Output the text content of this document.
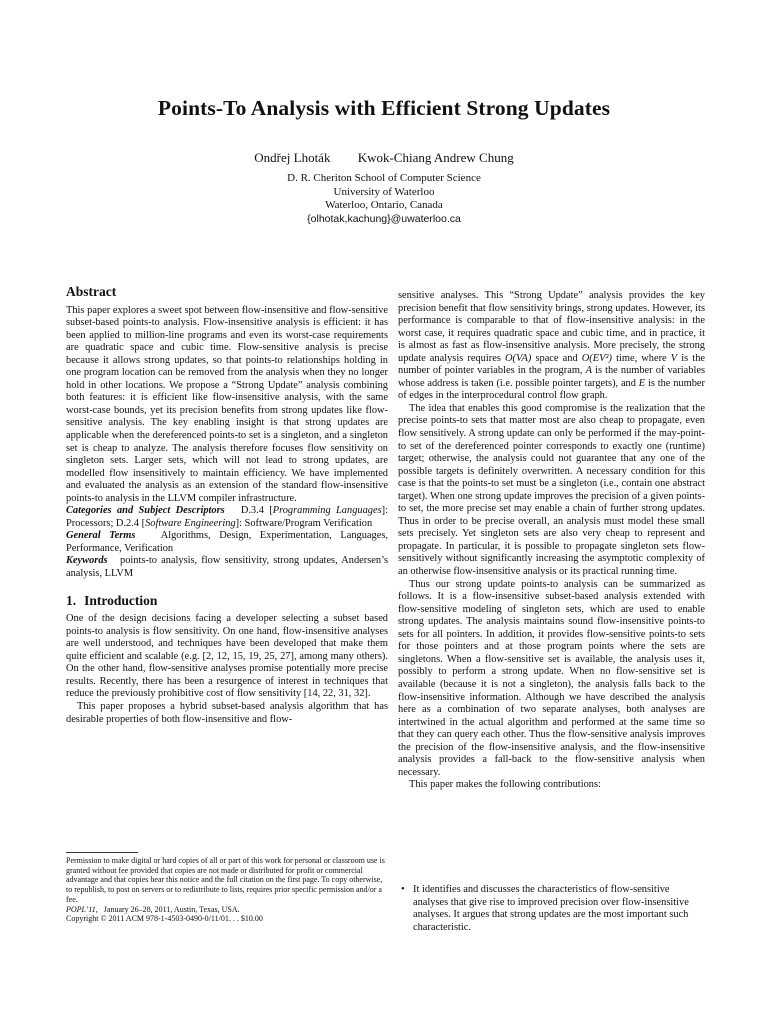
Points-To Analysis with Efficient Strong Updates
Ondřej Lhoták Kwok-Chiang Andrew Chung
D. R. Cheriton School of Computer Science
University of Waterloo
Waterloo, Ontario, Canada
{olhotak,kachung}@uwaterloo.ca
Abstract

This paper explores a sweet spot between flow-insensitive and flow-sensitive subset-based points-to analysis. Flow-insensitive analysis is efficient: it has been applied to million-line programs and even its worst-case requirements are quadratic space and cubic time. Flow-sensitive analysis is precise because it allows strong updates, so that points-to relationships holding in one program location can be removed from the analysis when they no longer hold in other locations. We propose a “Strong Update” analysis combining both features: it is efficient like flow-insensitive analysis, with the same worst-case bounds, yet its precision benefits from strong updates like flow-sensitive analysis. The key enabling insight is that strong updates are applicable when the dereferenced points-to set is a singleton, and a singleton set is cheap to analyze. The analysis therefore focuses flow sensitivity on singleton sets. Larger sets, which will not lead to strong updates, are modelled flow insensitively to maintain efficiency. We have implemented and evaluated the analysis as an extension of the standard flow-insensitive points-to analysis in the LLVM compiler infrastructure.

Categories and Subject Descriptors D.3.4 [Programming Languages]: Processors; D.2.4 [Software Engineering]: Software/Program Verification

General Terms Algorithms, Design, Experimentation, Languages, Performance, Verification

Keywords points-to analysis, flow sensitivity, strong updates, Andersen’s analysis, LLVM

1. Introduction

One of the design decisions facing a developer selecting a subset based points-to analysis is flow sensitivity. On one hand, flow-insensitive analyses are well understood, and techniques have been developed that make them quite efficient and scalable (e.g. [2, 12, 15, 19, 25, 27], among many others). On the other hand, flow-sensitive analyses promise potentially more precise results. Recently, there has been a resurgence of interest in techniques that reduce the previously prohibitive cost of flow sensitivity [14, 22, 31, 32].

This paper proposes a hybrid subset-based analysis algorithm that has desirable properties of both flow-insensitive and flow-

sensitive analyses. This “Strong Update” analysis provides the key precision benefit that flow sensitivity brings, strong updates. However, its performance is comparable to that of flow-insensitive analysis: in the worst case, it requires quadratic space and cubic time, and in practice, it is almost as fast as flow-insensitive analysis. More precisely, the strong update analysis requires O(VA) space and O(EV²) time, where V is the number of pointer variables in the program, A is the number of variables whose address is taken (i.e. possible pointer targets), and E is the number of edges in the interprocedural control flow graph.

The idea that enables this good compromise is the realization that the precise points-to sets that matter most are also cheap to propagate, even flow sensitively. A strong update can only be performed if the may-point-to set of the dereferenced pointer corresponds to exactly one (runtime) target; otherwise, the analysis could not guarantee that any one of the possible targets is definitely overwritten. A necessary condition for this case is that the points-to set must be a singleton (i.e., contain one abstract target). When one strong update improves the precision of a given points-to set, the more precise set may enable a chain of further strong updates. Thus in order to be precise overall, an analysis must model these small sets precisely. Yet singleton sets are also very cheap to represent and propagate. In particular, it is possible to propagate singleton sets flow-sensitively without significantly increasing the asymptotic complexity of an otherwise flow-insensitive analysis or its practical running time.

Thus our strong update points-to analysis can be summarized as follows. It is a flow-insensitive subset-based analysis extended with flow-sensitive modeling of singleton sets, which are used to enable strong updates. The analysis maintains sound flow-insensitive points-to sets for all pointers. In addition, it provides flow-sensitive points-to sets for those pointers and at those program points where the sets are singletons. When a flow-sensitive set is available, the analysis uses it, possibly to perform a strong update. When no flow-sensitive set is available (because it is not a singleton), the analysis falls back to the flow-insensitive information. Although we have described the analysis here as a combination of two separate analyses, both analyses are intertwined in the actual algorithm and performed at the same time so that they can query each other. Thus the flow-sensitive analysis improves the precision of the flow-insensitive analysis, and the flow-insensitive analysis provides a fall-back to the flow-sensitive analysis when necessary.

This paper makes the following contributions:

• It identifies and discusses the characteristics of flow-sensitive analyses that give rise to improved precision over flow-insensitive analyses. It argues that strong updates are the most important such characteristic.
Permission to make digital or hard copies of all or part of this work for personal or classroom use is granted without fee provided that copies are not made or distributed for profit or commercial advantage and that copies bear this notice and the full citation on the first page. To copy otherwise, to republish, to post on servers or to redistribute to lists, requires prior specific permission and/or a fee.
POPL’11, January 26–28, 2011, Austin, Texas, USA.
Copyright © 2011 ACM 978-1-4503-0490-0/11/01. . . $10.00
